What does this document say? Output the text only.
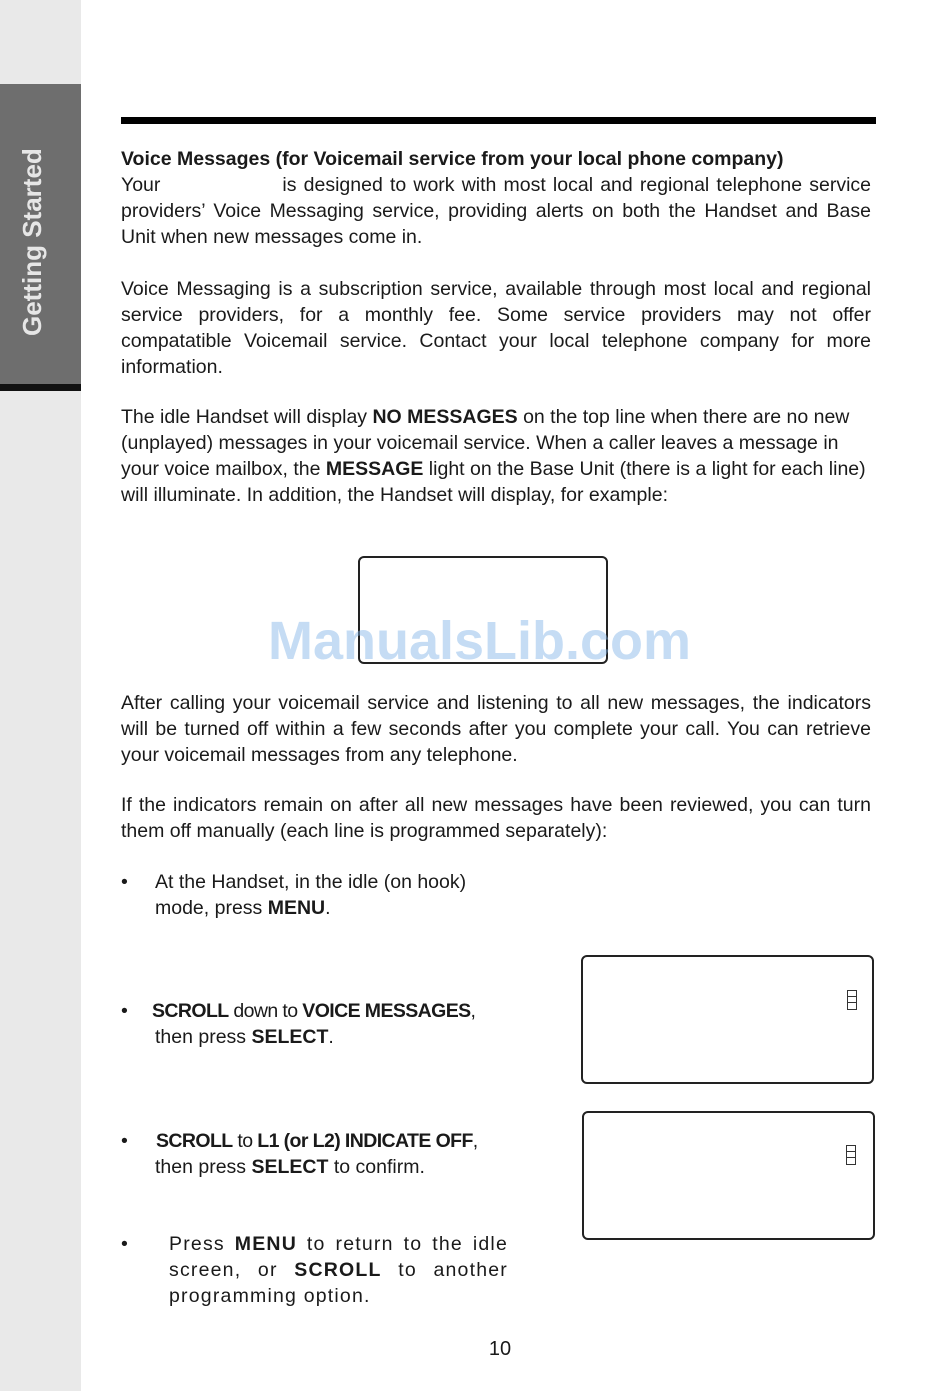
Getting Started	Voice Messages (for Voicemail service from your local phone company)

Your	is designed to work with most local and regional telephone service providers’ Voice Messaging service, providing alerts on both the Handset and Base Unit when new messages come in.

Voice Messaging is a subscription service, available through most local and regional service providers, for a monthly fee. Some service providers may not offer compatatible Voicemail service. Contact your local telephone company for more information.

The idle Handset will display NO MESSAGES on the top line when there are no new (unplayed) messages in your voicemail service. When a caller leaves a message in your voice mailbox, the MESSAGE light on the Base Unit (there is a light for each line) will illuminate. In addition, the Handset will display, for example:

ManualsLib.com

After calling your voicemail service and listening to all new messages, the indicators will be turned off within a few seconds after you complete your call. You can retrieve your voicemail messages from any telephone.

If the indicators remain on after all new messages have been reviewed, you can turn them off manually (each line is programmed separately):

• At the Handset, in the idle (on hook) mode, press MENU.

• SCROLL down to VOICE MESSAGES,

then press SELECT.

• SCROLL to L1 (or L2) INDICATE OFF,

then press SELECT to confirm.

• Press MENU to return to the idle screen, or SCROLL to another programming option.

10
